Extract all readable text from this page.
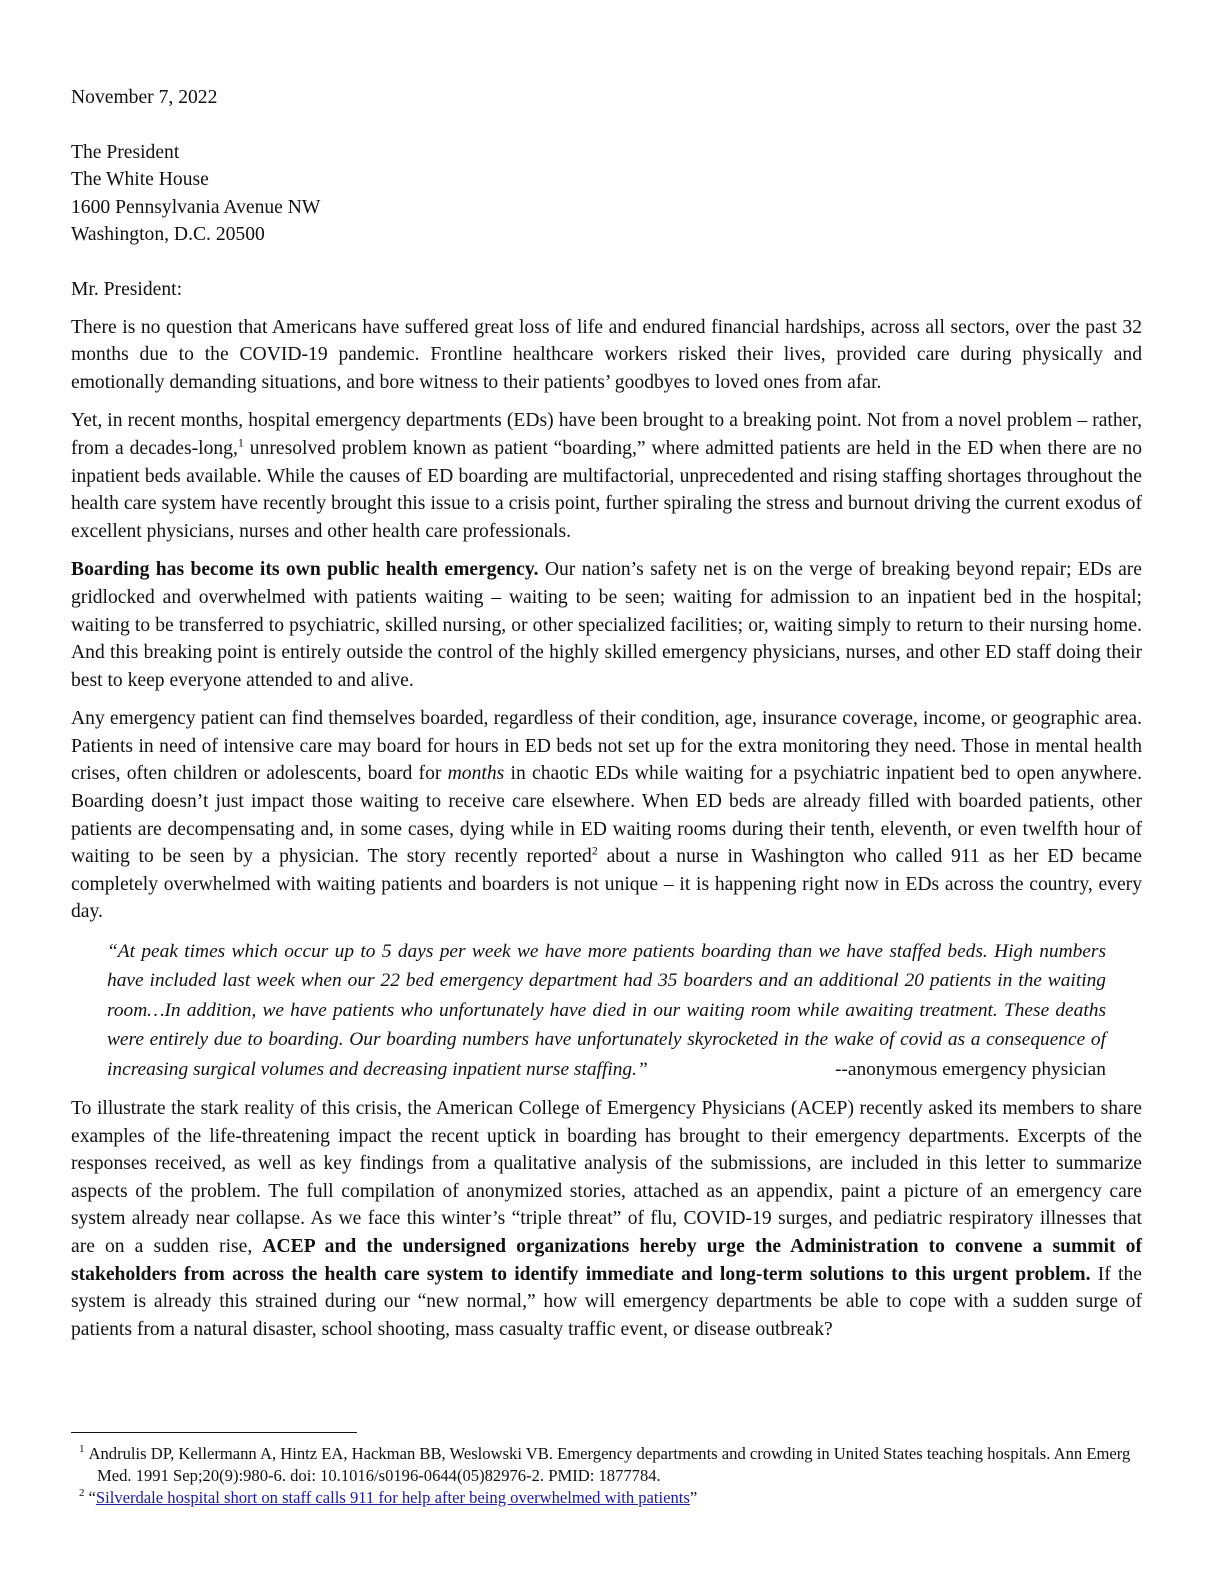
November 7, 2022
The President
The White House
1600 Pennsylvania Avenue NW
Washington, D.C. 20500
Mr. President:

There is no question that Americans have suffered great loss of life and endured financial hardships, across all sectors, over the past 32 months due to the COVID-19 pandemic. Frontline healthcare workers risked their lives, provided care during physically and emotionally demanding situations, and bore witness to their patients’ goodbyes to loved ones from afar.

Yet, in recent months, hospital emergency departments (EDs) have been brought to a breaking point. Not from a novel problem – rather, from a decades-long,$^1$ unresolved problem known as patient “boarding,” where admitted patients are held in the ED when there are no inpatient beds available. While the causes of ED boarding are multifactorial, unprecedented and rising staffing shortages throughout the health care system have recently brought this issue to a crisis point, further spiraling the stress and burnout driving the current exodus of excellent physicians, nurses and other health care professionals.

Boarding has become its own public health emergency. Our nation’s safety net is on the verge of breaking beyond repair; EDs are gridlocked and overwhelmed with patients waiting – waiting to be seen; waiting for admission to an inpatient bed in the hospital; waiting to be transferred to psychiatric, skilled nursing, or other specialized facilities; or, waiting simply to return to their nursing home. And this breaking point is entirely outside the control of the highly skilled emergency physicians, nurses, and other ED staff doing their best to keep everyone attended to and alive.

Any emergency patient can find themselves boarded, regardless of their condition, age, insurance coverage, income, or geographic area. Patients in need of intensive care may board for hours in ED beds not set up for the extra monitoring they need. Those in mental health crises, often children or adolescents, board for months in chaotic EDs while waiting for a psychiatric inpatient bed to open anywhere. Boarding doesn’t just impact those waiting to receive care elsewhere. When ED beds are already filled with boarded patients, other patients are decompensating and, in some cases, dying while in ED waiting rooms during their tenth, eleventh, or even twelfth hour of waiting to be seen by a physician. The story recently reported$^2$ about a nurse in Washington who called 911 as her ED became completely overwhelmed with waiting patients and boarders is not unique – it is happening right now in EDs across the country, every day.

“At peak times which occur up to 5 days per week we have more patients boarding than we have staffed beds. High numbers
have included last week when our 22 bed emergency department had 35 boarders and an additional 20 patients in the waiting
room…In addition, we have patients who unfortunately have died in our waiting room while awaiting treatment. These deaths
were entirely due to boarding. Our boarding numbers have unfortunately skyrocketed in the wake of covid as a consequence of
increasing surgical volumes and decreasing inpatient nurse staffing.”	--anonymous emergency physician

To illustrate the stark reality of this crisis, the American College of Emergency Physicians (ACEP) recently asked its members to share examples of the life-threatening impact the recent uptick in boarding has brought to their emergency departments. Excerpts of the responses received, as well as key findings from a qualitative analysis of the submissions, are included in this letter to summarize aspects of the problem. The full compilation of anonymized stories, attached as an appendix, paint a picture of an emergency care system already near collapse. As we face this winter’s “triple threat” of flu, COVID-19 surges, and pediatric respiratory illnesses that are on a sudden rise, ACEP and the undersigned organizations hereby urge the Administration to convene a summit of stakeholders from across the health care system to identify immediate and long-term solutions to this urgent problem. If the system is already this strained during our “new normal,” how will emergency departments be able to cope with a sudden surge of patients from a natural disaster, school shooting, mass casualty traffic event, or disease outbreak?

$^1$ Andrulis DP, Kellermann A, Hintz EA, Hackman BB, Weslowski VB. Emergency departments and crowding in United States teaching hospitals. Ann Emerg Med. 1991 Sep;20(9):980-6. doi: 10.1016/s0196-0644(05)82976-2. PMID: 1877784.
$^2$ “Silverdale hospital short on staff calls 911 for help after being overwhelmed with patients”
